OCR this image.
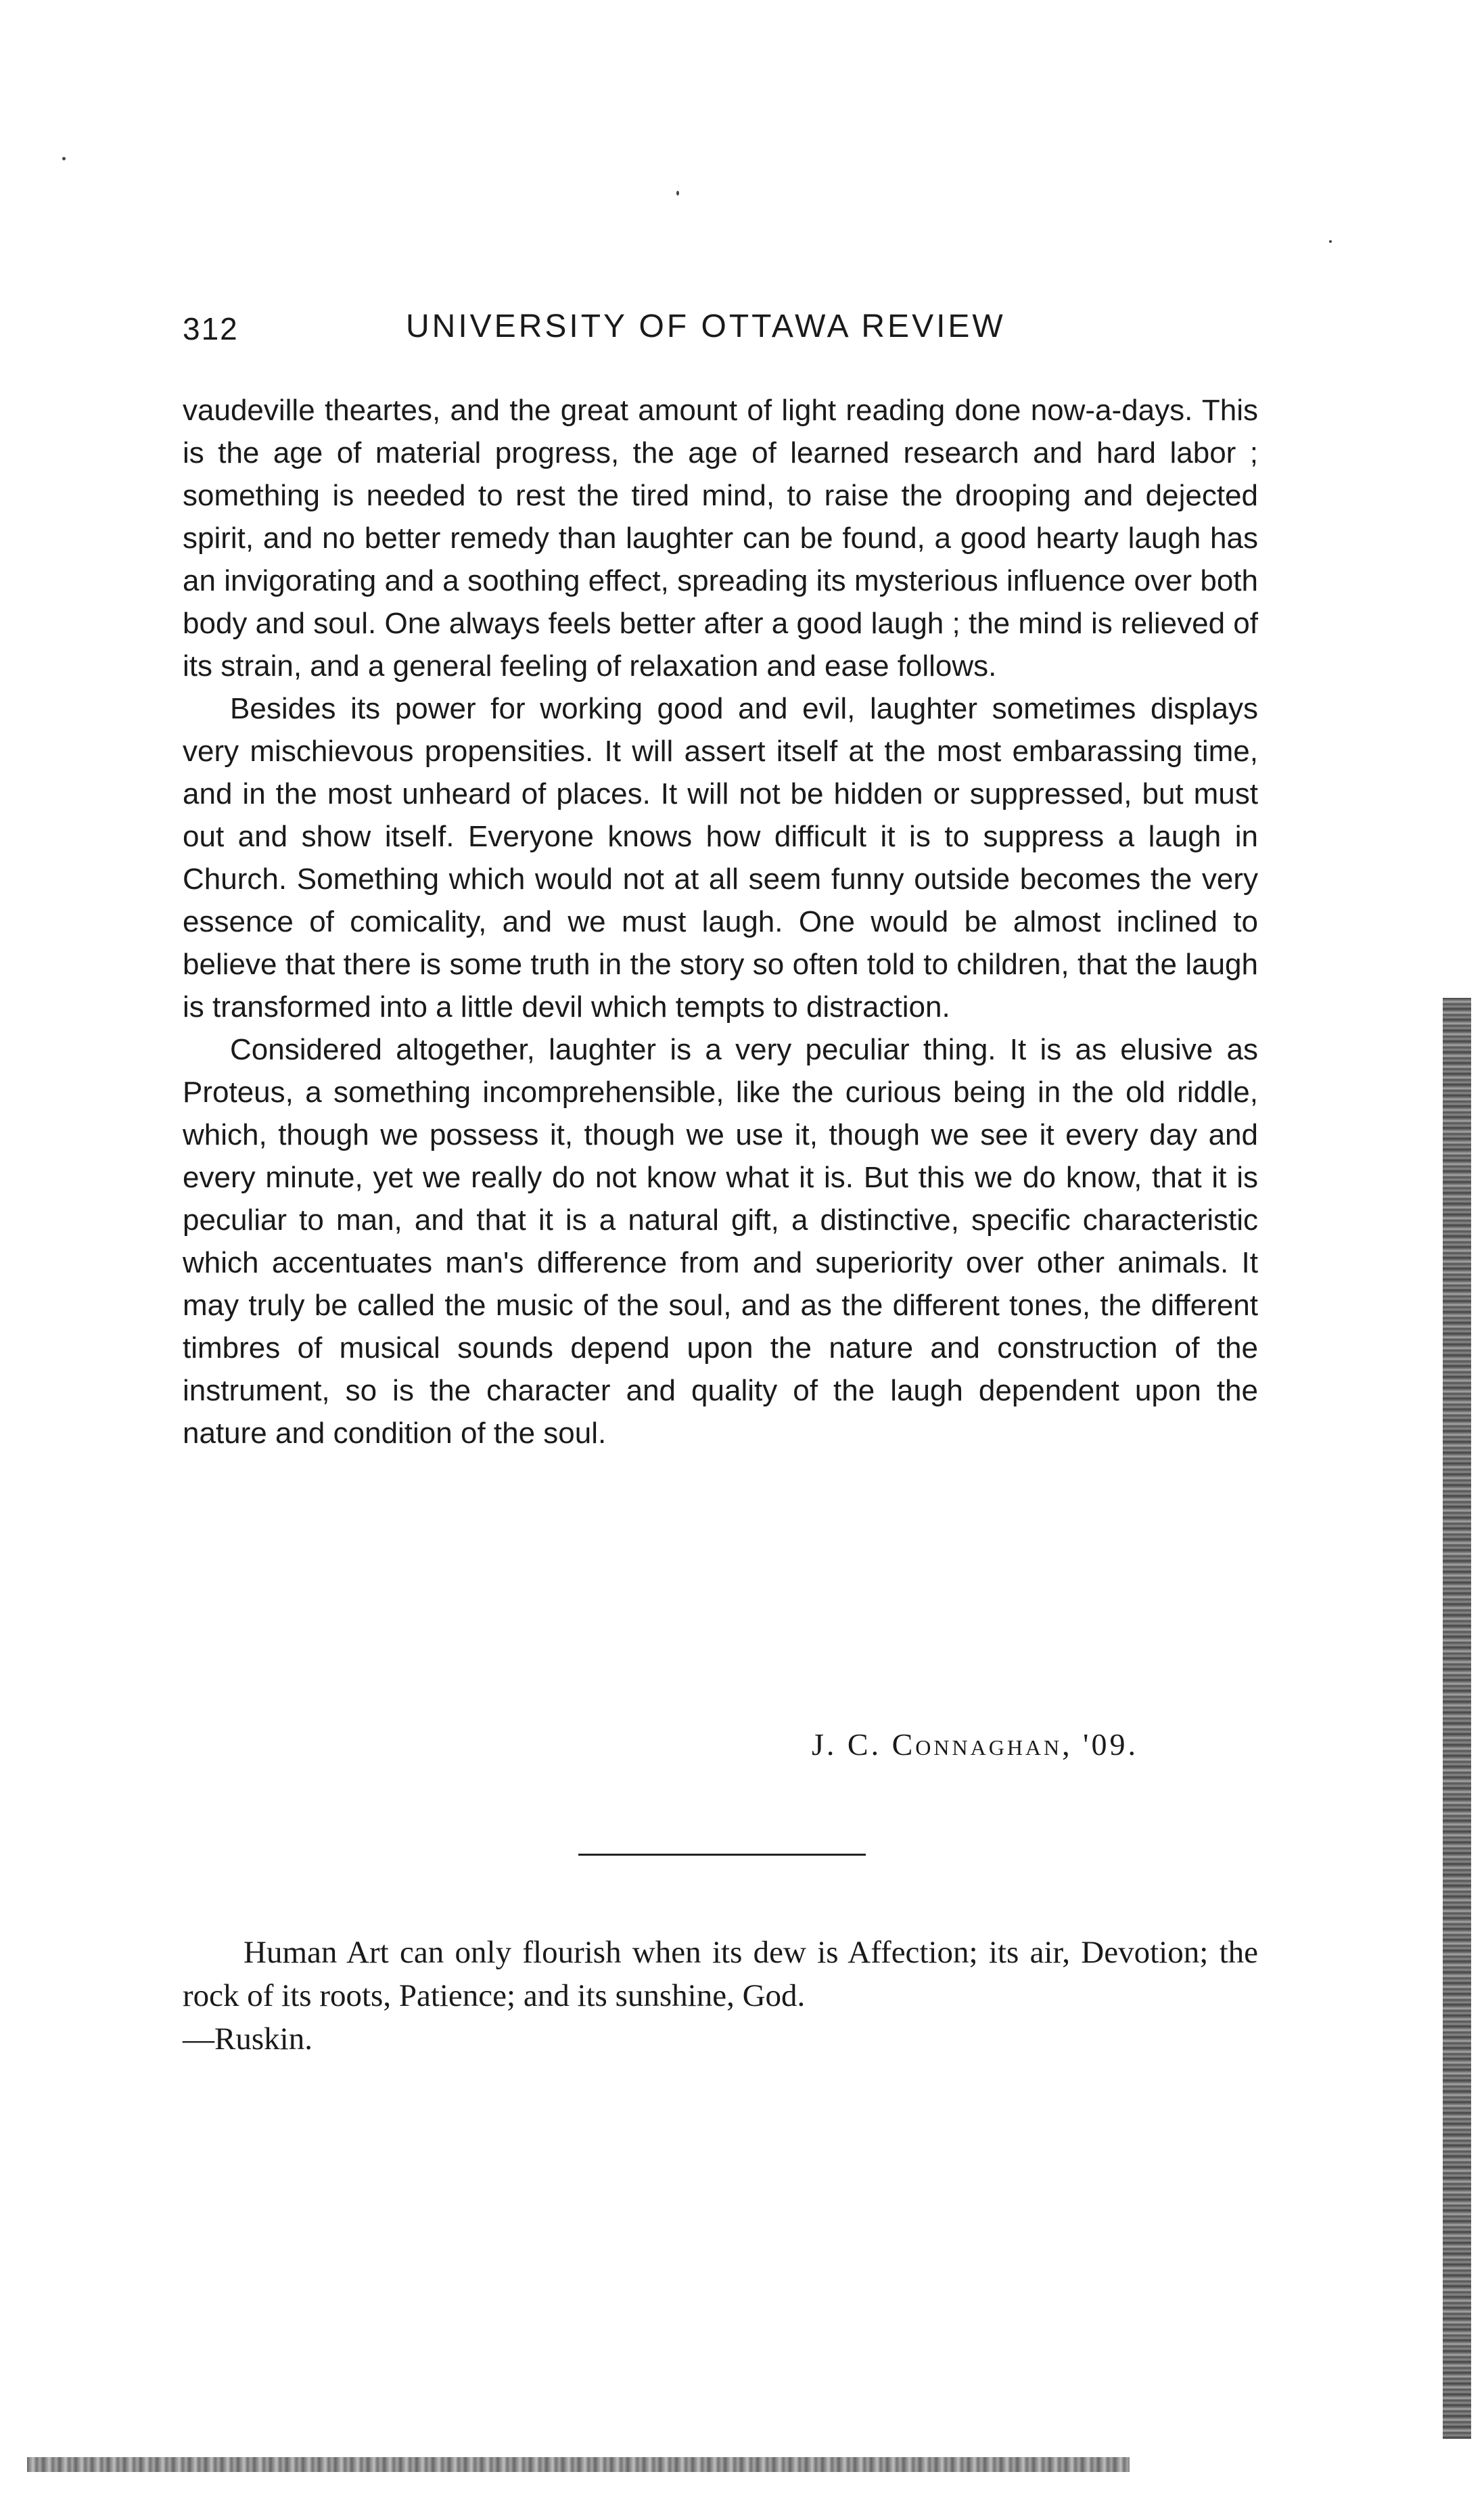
312	UNIVERSITY OF OTTAWA REVIEW

vaudeville theartes, and the great amount of light reading done now-a-days. This is the age of material progress, the age of learned research and hard labor ; something is needed to rest the tired mind, to raise the drooping and dejected spirit, and no better remedy than laughter can be found, a good hearty laugh has an invigorating and a soothing effect, spreading its mysterious influence over both body and soul. One always feels better after a good laugh ; the mind is relieved of its strain, and a general feeling of relaxation and ease follows.

Besides its power for working good and evil, laughter sometimes displays very mischievous propensities. It will assert itself at the most embarassing time, and in the most unheard of places. It will not be hidden or suppressed, but must out and show itself. Everyone knows how difficult it is to suppress a laugh in Church. Something which would not at all seem funny outside becomes the very essence of comicality, and we must laugh. One would be almost inclined to believe that there is some truth in the story so often told to children, that the laugh is transformed into a little devil which tempts to distraction.

Considered altogether, laughter is a very peculiar thing. It is as elusive as Proteus, a something incomprehensible, like the curious being in the old riddle, which, though we possess it, though we use it, though we see it every day and every minute, yet we really do not know what it is. But this we do know, that it is peculiar to man, and that it is a natural gift, a distinctive, specific characteristic which accentuates man's difference from and superiority over other animals. It may truly be called the music of the soul, and as the different tones, the different timbres of musical sounds depend upon the nature and construction of the instrument, so is the character and quality of the laugh dependent upon the nature and condition of the soul.

J. C. Connaghan, '09.
Human Art can only flourish when its dew is Affection; its air, Devotion; the rock of its roots, Patience; and its sunshine, God.
—Ruskin.
